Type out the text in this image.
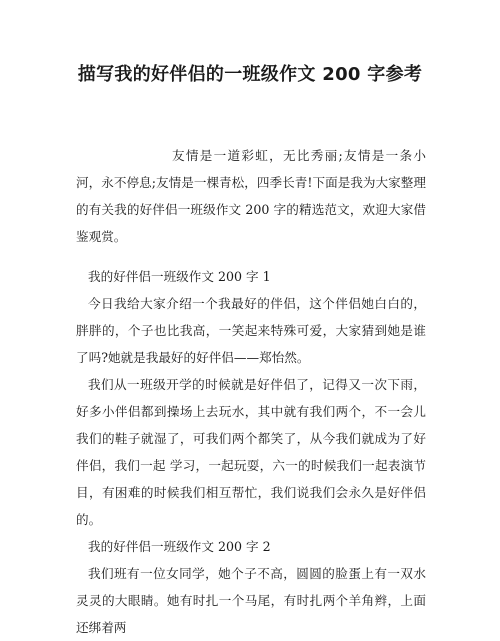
描写我的好伴侣的一班级作文 200 字参考

友情是一道彩虹，无比秀丽;友情是一条小河，永不停息;友情是一棵青松，四季长青!下面是我为大家整理的有关我的好伴侣一班级作文 200 字的精选范文，欢迎大家借鉴观赏。

我的好伴侣一班级作文 200 字 1

今日我给大家介绍一个我最好的伴侣，这个伴侣她白白的，胖胖的，个子也比我高，一笑起来特殊可爱，大家猜到她是谁了吗?她就是我最好的好伴侣——郑怡然。

我们从一班级开学的时候就是好伴侣了，记得又一次下雨，好多小伴侣都到操场上去玩水，其中就有我们两个，不一会儿我们的鞋子就湿了，可我们两个都笑了，从今我们就成为了好伴侣，我们一起 学习，一起玩耍，六一的时候我们一起表演节目，有困难的时候我们相互帮忙，我们说我们会永久是好伴侣的。

我的好伴侣一班级作文 200 字 2

我们班有一位女同学，她个子不高，圆圆的脸蛋上有一双水灵灵的大眼睛。她有时扎一个马尾，有时扎两个羊角辫，上面还绑着两
